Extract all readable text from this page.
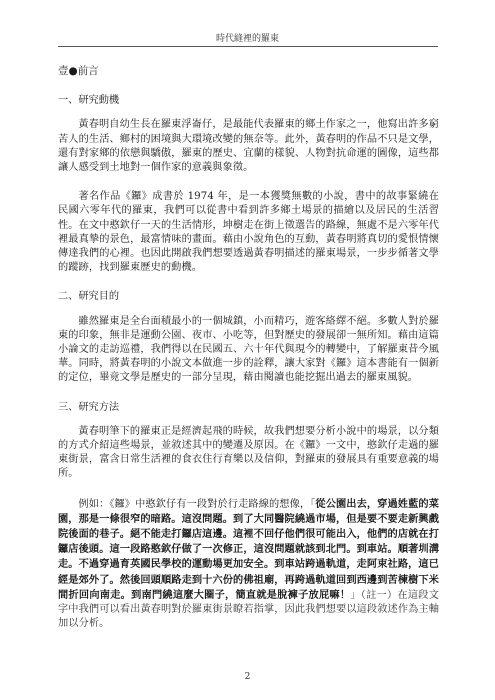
時代縫裡的羅東
壹●前言
一、研究動機

黃春明自幼生長在羅東浮崙仔，是最能代表羅東的鄉土作家之一，他寫出許多窮苦人的生活、鄉村的困境與大環境改變的無奈等。此外，黃春明的作品不只是文學，還有對家鄉的依戀與驕傲，羅東的歷史、宜蘭的樣貌、人物對抗命運的圖像，這些都讓人感受到土地對一個作家的意義與象徵。

著名作品《鑼》成書於 1974 年，是一本獲獎無數的小說，書中的故事緊繞在民國六零年代的羅東，我們可以從書中看到許多鄉土場景的描繪以及居民的生活習性。在文中憨欽仔一天的生活情形，坤樹走在街上徵選告的路線，無處不是六零年代裡最真摯的景色，最富情味的畫面。藉由小說角色的互動，黃春明將真切的愛恨情懷傳達我們的心裡。也因此開啟我們想要透過黃春明描述的羅東場景，一步步循著文學的蹤跡，找到羅東歷史的動機。

二、研究目的

雖然羅東是全台面積最小的一個城鎮，小而精巧，遊客絡繹不絕。多數人對於羅東的印象，無非是運動公園、夜市、小吃等，但對歷史的發展卻一無所知。藉由這篇小論文的走訪巡禮，我們得以在民國五、六十年代與現今的轉變中，了解羅東昔今風華。同時，將黃春明的小說文本做進一步的詮釋，讓大家對《鑼》這本書能有一個新的定位，畢竟文學是歷史的一部分呈現，藉由閱讀也能挖掘出過去的羅東風貌。

三、研究方法

黃春明筆下的羅東正是經濟起飛的時候，故我們想要分析小說中的場景，以分類的方式介紹這些場景，並敘述其中的變遷及原因。在《鑼》一文中，憨欽仔走過的羅東街景，富含日常生活裡的食衣住行育樂以及信仰，對羅東的發展具有重要意義的場所。

例如：《鑼》中憨欽仔有一段對於行走路線的想像，「從公園出去，穿過姓藍的菜園，那是一條很窄的暗路。這沒問題。到了大同醫院繞過市場，但是要不要走新興戲院後面的巷子。絕不能走打鑼店這邊。這裡不回仔他們很可能出入，他們的店就在打鑼店後頭。這一段路憨欽仔做了一次修正，這沒問題就該到北門。到車站。順著圳溝走。不過穿過育英國民學校的運動場更加安全。到車站跨過軌道，走阿束社路，這已經是郊外了。然後回頭順路走到十六份的佛祖廟，再跨過軌道回到西邊到苦楝樹下米間折回向南走。到南門繞這麼大圈子，簡直就是脫褲子放屁嘛！」（註一）在這段文字中我們可以看出黃春明對於羅東街景瞭若指掌，因此我們想要以這段敘述作為主軸加以分析。

2
